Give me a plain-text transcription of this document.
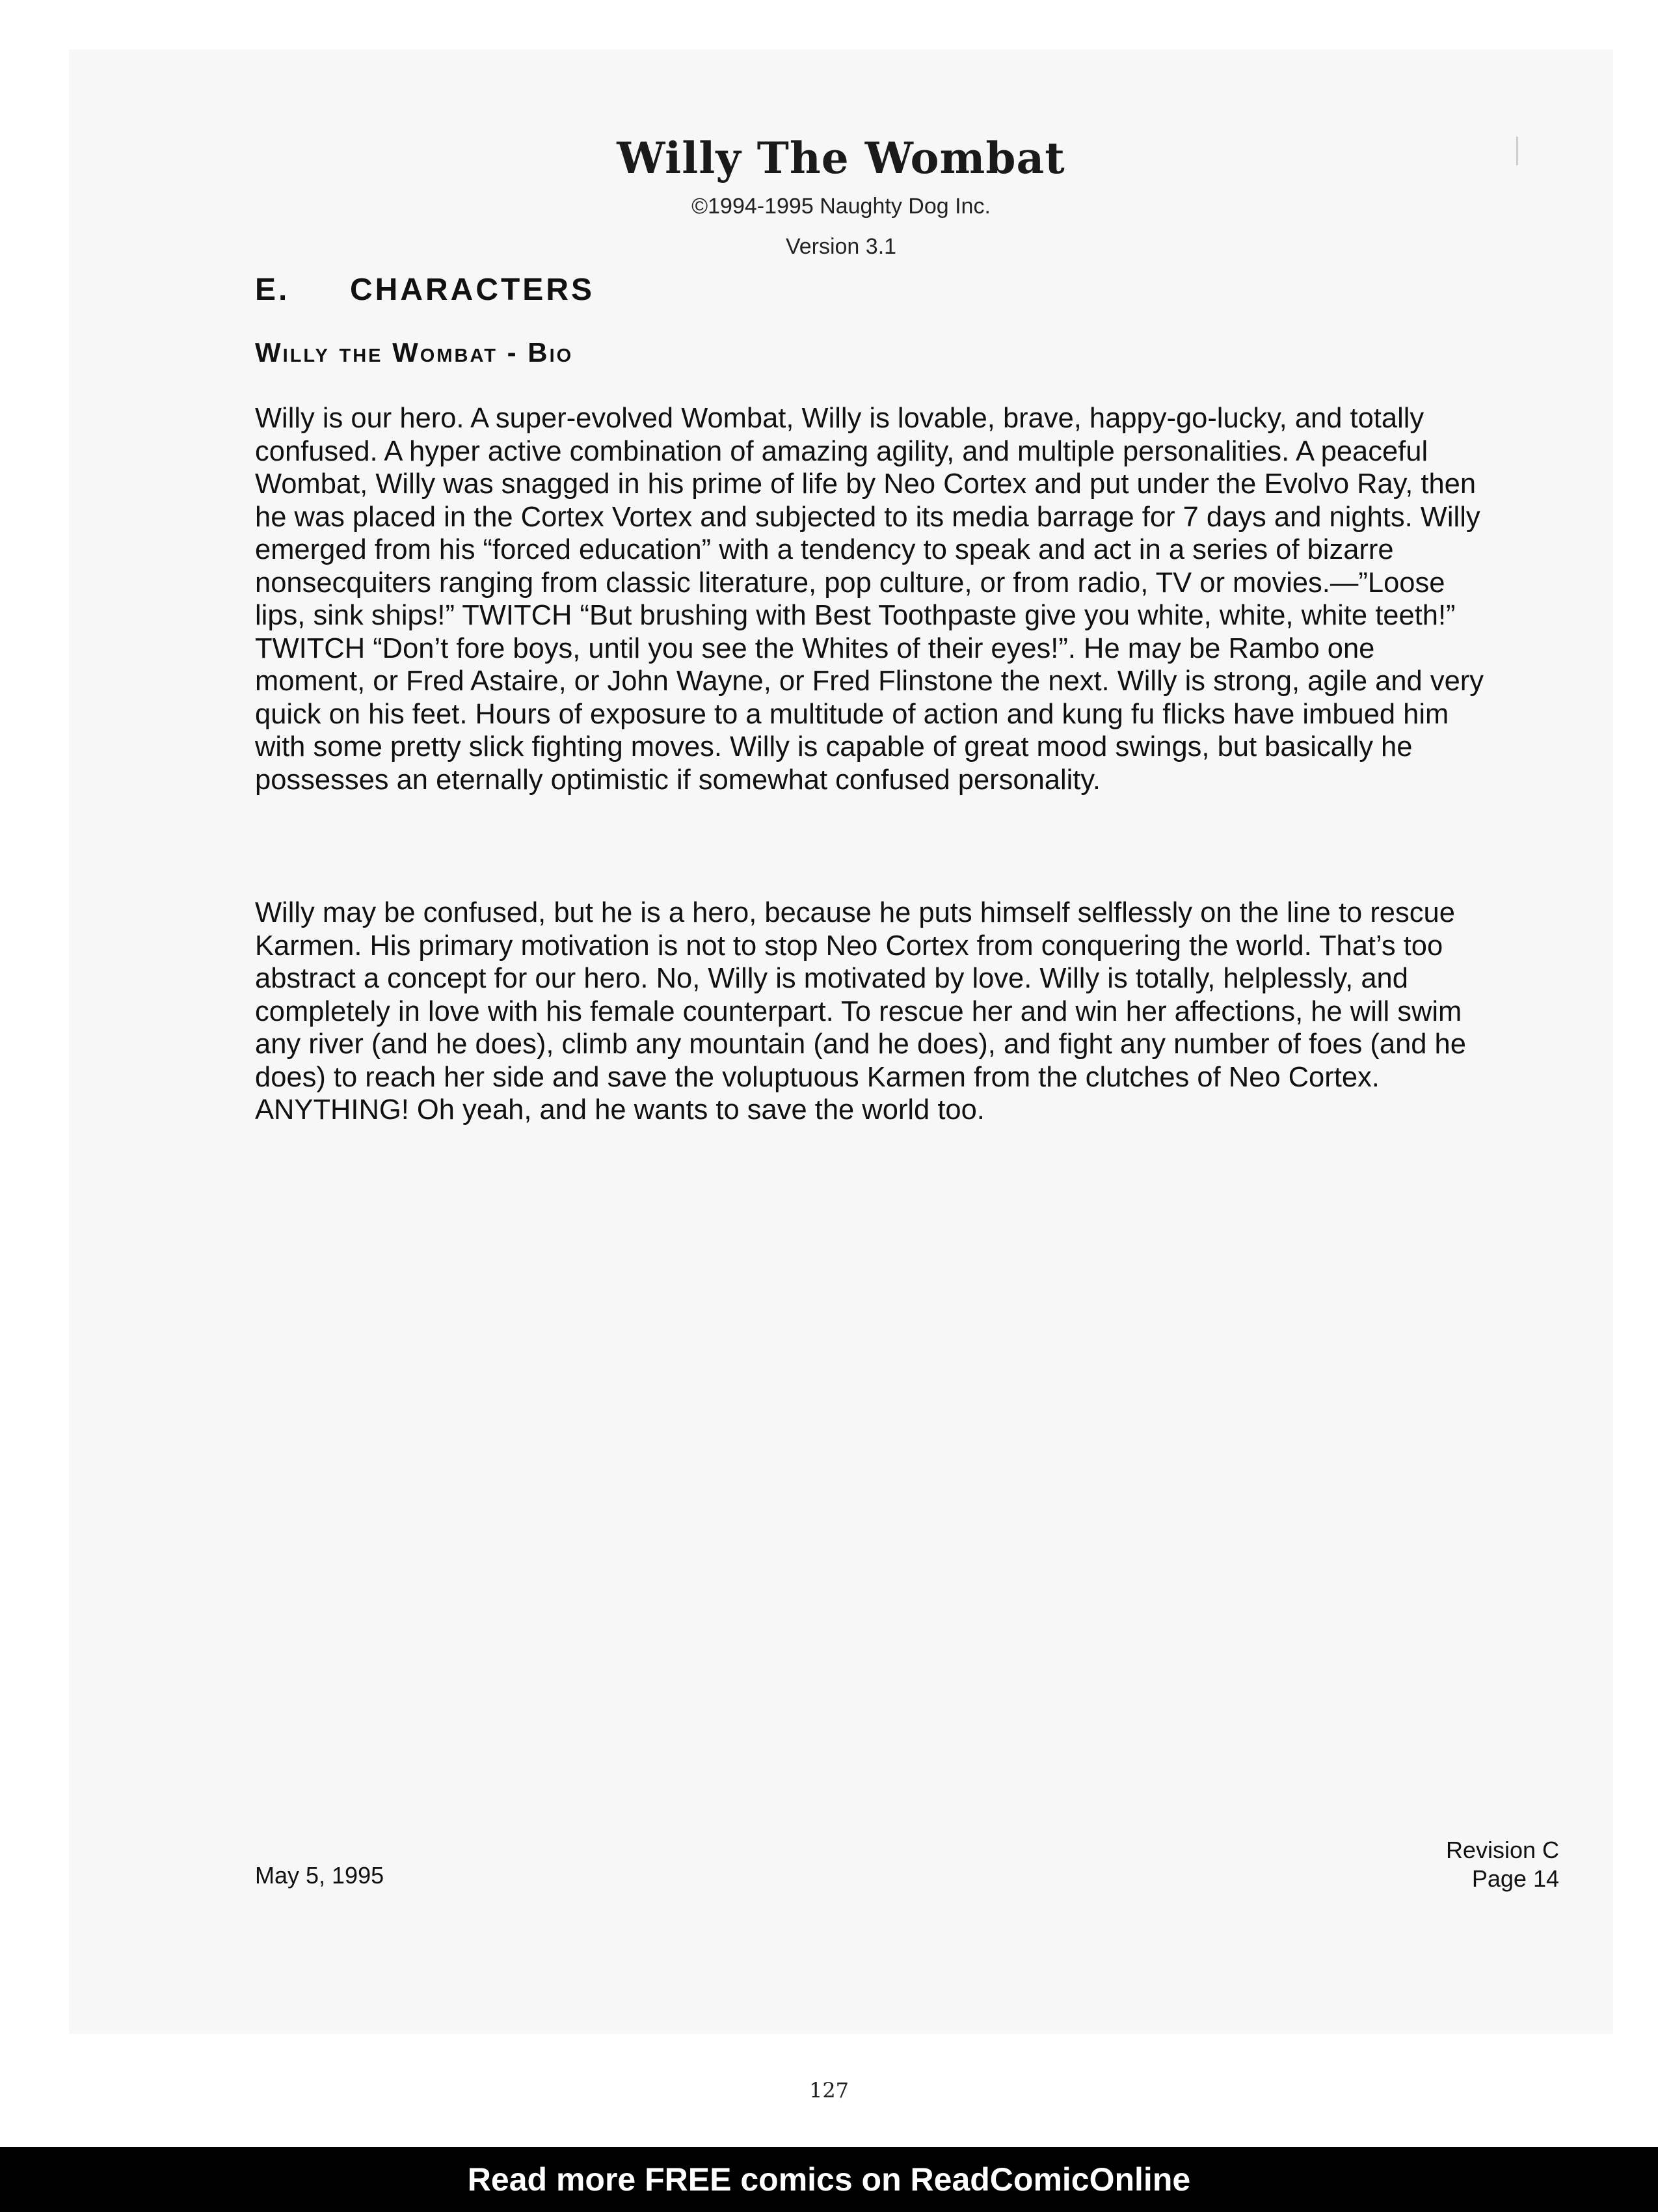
Willy The Wombat
©1994-1995 Naughty Dog Inc.
Version 3.1
E. CHARACTERS
Willy the Wombat - Bio

Willy is our hero. A super-evolved Wombat, Willy is lovable, brave, happy-go-lucky, and totally confused. A hyper active combination of amazing agility, and multiple personalities. A peaceful Wombat, Willy was snagged in his prime of life by Neo Cortex and put under the Evolvo Ray, then he was placed in the Cortex Vortex and subjected to its media barrage for 7 days and nights. Willy emerged from his “forced education” with a tendency to speak and act in a series of bizarre nonsecquiters ranging from classic literature, pop culture, or from radio, TV or movies.—”Loose lips, sink ships!” TWITCH “But brushing with Best Toothpaste give you white, white, white teeth!” TWITCH “Don’t fore boys, until you see the Whites of their eyes!”. He may be Rambo one moment, or Fred Astaire, or John Wayne, or Fred Flinstone the next. Willy is strong, agile and very quick on his feet. Hours of exposure to a multitude of action and kung fu flicks have imbued him with some pretty slick fighting moves. Willy is capable of great mood swings, but basically he possesses an eternally optimistic if somewhat confused personality.

Willy may be confused, but he is a hero, because he puts himself selflessly on the line to rescue Karmen. His primary motivation is not to stop Neo Cortex from conquering the world. That’s too abstract a concept for our hero. No, Willy is motivated by love. Willy is totally, helplessly, and completely in love with his female counterpart. To rescue her and win her affections, he will swim any river (and he does), climb any mountain (and he does), and fight any number of foes (and he does) to reach her side and save the voluptuous Karmen from the clutches of Neo Cortex. ANYTHING! Oh yeah, and he wants to save the world too.

May 5, 1995
Revision C
Page 14
127
Read more FREE comics on ReadComicOnline
